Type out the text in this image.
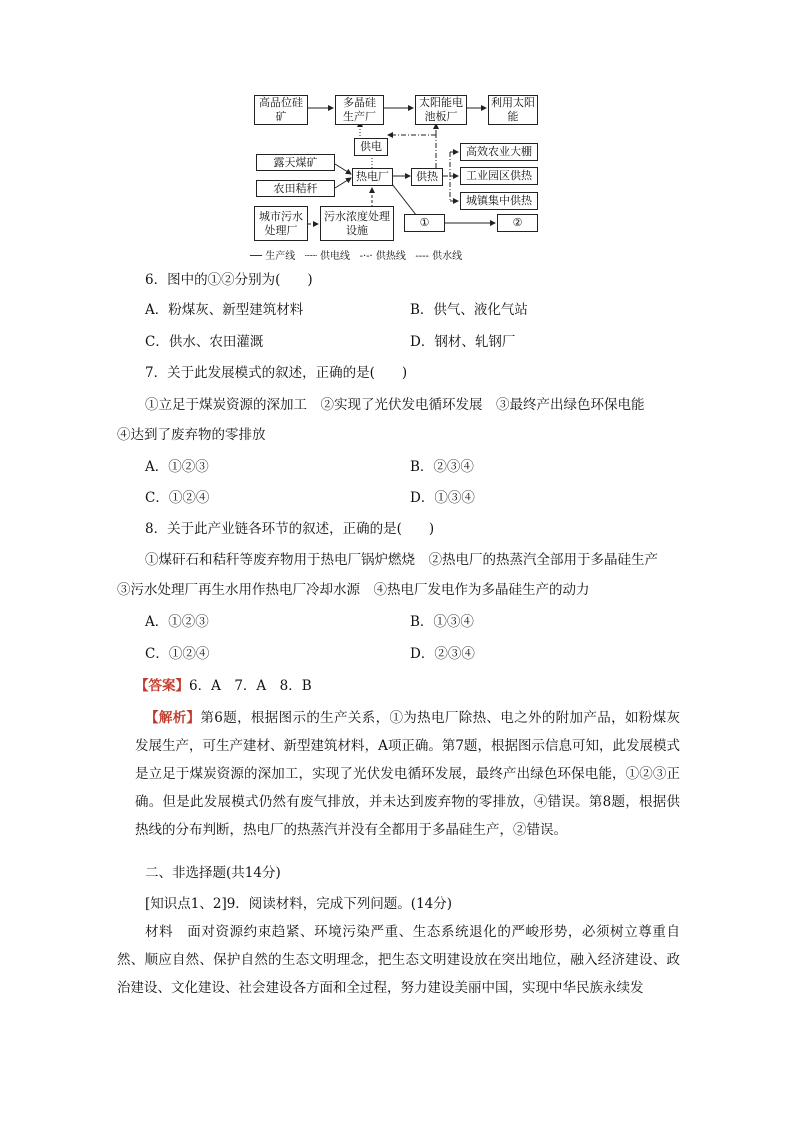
高品位硅矿
多晶硅生产厂
太阳能电池板厂
利用太阳能
露天煤矿
农田秸秆
城市污水处理厂
污水浓度处理设施
供电
热电厂	供热
高效农业大棚
工业园区供热
城镇集中供热
①	②
── 生产线 ┈┈ 供电线 -·-· 供热线 ---- 供水线
6．图中的①②分别为(　　)
A．粉煤灰、新型建筑材料	B．供气、液化气站
C．供水、农田灌溉	D．钢材、轧钢厂
7．关于此发展模式的叙述，正确的是(　　)
①立足于煤炭资源的深加工　②实现了光伏发电循环发展　③最终产出绿色环保电能
④达到了废弃物的零排放
A．①②③	B．②③④
C．①②④	D．①③④
8．关于此产业链各环节的叙述，正确的是(　　)
①煤矸石和秸秆等废弃物用于热电厂锅炉燃烧　②热电厂的热蒸汽全部用于多晶硅生产
③污水处理厂再生水用作热电厂冷却水源　④热电厂发电作为多晶硅生产的动力
A．①②③	B．①③④
C．①②④	D．②③④
【答案】6．A　7．A　8．B
【解析】第6题，根据图示的生产关系，①为热电厂除热、电之外的附加产品，如粉煤灰发展生产，可生产建材、新型建筑材料，A项正确。第7题，根据图示信息可知，此发展模式是立足于煤炭资源的深加工，实现了光伏发电循环发展，最终产出绿色环保电能，①②③正确。但是此发展模式仍然有废气排放，并未达到废弃物的零排放，④错误。第8题，根据供热线的分布判断，热电厂的热蒸汽并没有全都用于多晶硅生产，②错误。
二、非选择题(共14分)
[知识点1、2]9．阅读材料，完成下列问题。(14分)
材料　面对资源约束趋紧、环境污染严重、生态系统退化的严峻形势，必须树立尊重自然、顺应自然、保护自然的生态文明理念，把生态文明建设放在突出地位，融入经济建设、政治建设、文化建设、社会建设各方面和全过程，努力建设美丽中国，实现中华民族永续发
